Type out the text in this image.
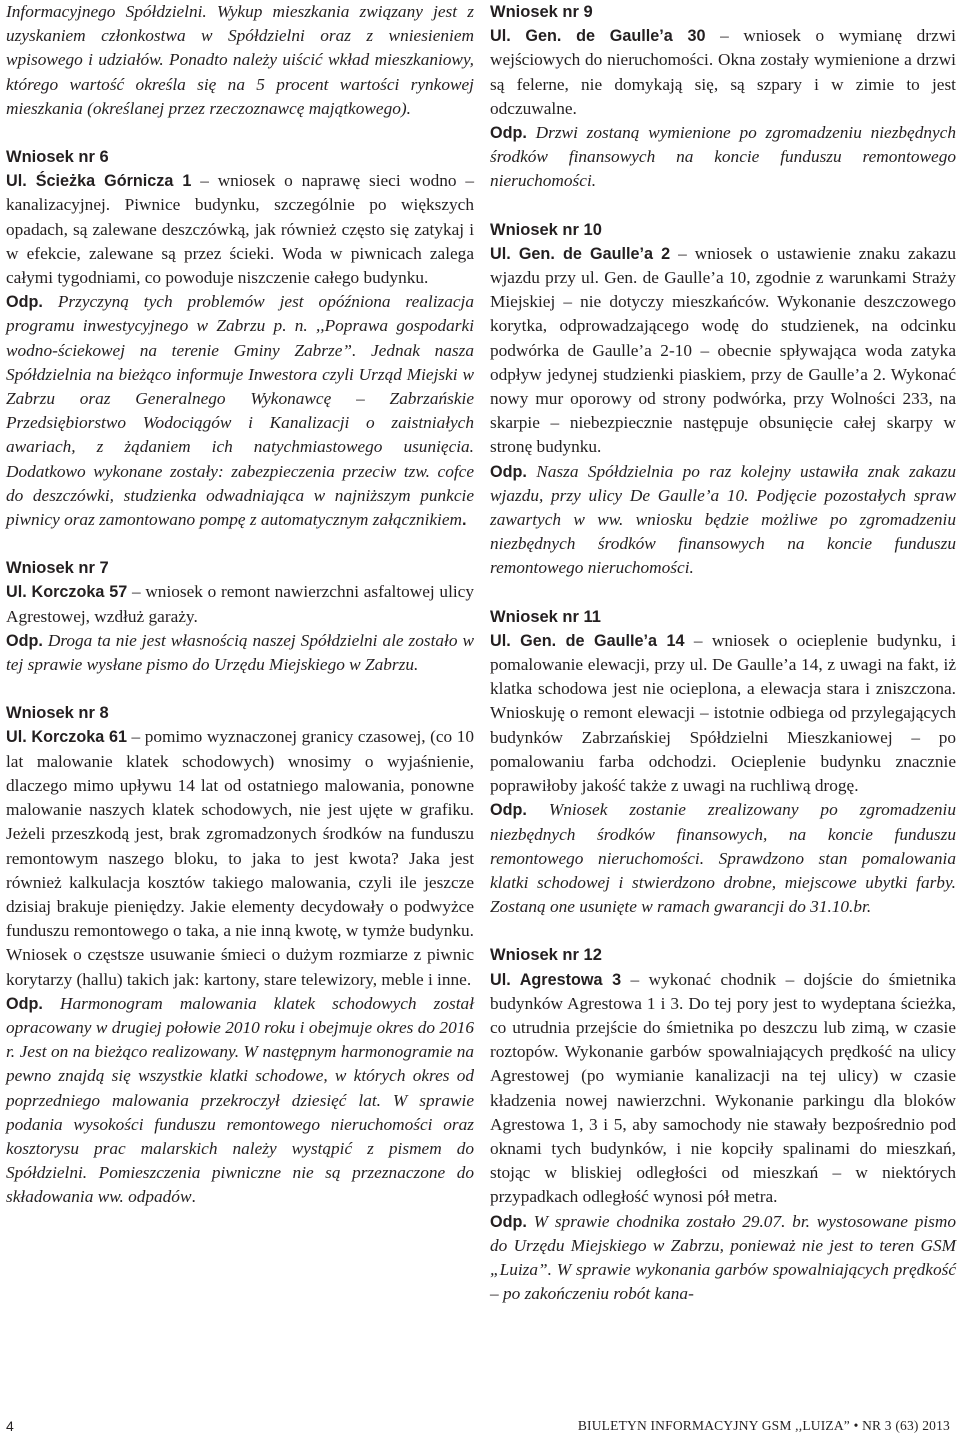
Informacyjnego Spółdzielni. Wykup mieszkania związany jest z uzyskaniem członkostwa w Spółdzielni oraz z wniesieniem wpisowego i udziałów. Ponadto należy uiścić wkład mieszkaniowy, którego wartość określa się na 5 procent wartości rynkowej mieszkania (określanej przez rzeczoznawcę majątkowego).

Wniosek nr 6

Ul. Ścieżka Górnicza 1 – wniosek o naprawę sieci wodno – kanalizacyjnej. Piwnice budynku, szczególnie po większych opadach, są zalewane deszczówką, jak również często się zatykaj i w efekcie, zalewane są przez ścieki. Woda w piwnicach zalega całymi tygodniami, co powoduje niszczenie całego budynku.

Odp. Przyczyną tych problemów jest opóźniona realizacja programu inwestycyjnego w Zabrzu p. n. ,,Poprawa gospodarki wodno-ściekowej na terenie Gminy Zabrze”. Jednak nasza Spółdzielnia na bieżąco informuje Inwestora czyli Urząd Miejski w Zabrzu oraz Generalnego Wykonawcę – Zabrzańskie Przedsiębiorstwo Wodociągów i Kanalizacji o zaistniałych awariach, z żądaniem ich natychmiastowego usunięcia. Dodatkowo wykonane zostały: zabezpieczenia przeciw tzw. cofce do deszczówki, studzienka odwadniająca w najniższym punkcie piwnicy oraz zamontowano pompę z automatycznym załącznikiem.

Wniosek nr 7

Ul. Korczoka 57 – wniosek o remont nawierzchni asfaltowej ulicy Agrestowej, wzdłuż garaży.

Odp. Droga ta nie jest własnością naszej Spółdzielni ale zostało w tej sprawie wysłane pismo do Urzędu Miejskiego w Zabrzu.

Wniosek nr 8

Ul. Korczoka 61 – pomimo wyznaczonej granicy czasowej, (co 10 lat malowanie klatek schodowych) wnosimy o wyjaśnienie, dlaczego mimo upływu 14 lat od ostatniego malowania, ponowne malowanie naszych klatek schodowych, nie jest ujęte w grafiku. Jeżeli przeszkodą jest, brak zgromadzonych środków na funduszu remontowym naszego bloku, to jaka to jest kwota? Jaka jest również kalkulacja kosztów takiego malowania, czyli ile jeszcze dzisiaj brakuje pieniędzy. Jakie elementy decydowały o podwyżce funduszu remontowego o taka, a nie inną kwotę, w tymże budynku. Wniosek o częstsze usuwanie śmieci o dużym rozmiarze z piwnic korytarzy (hallu) takich jak: kartony, stare telewizory, meble i inne.

Odp. Harmonogram malowania klatek schodowych został opracowany w drugiej połowie 2010 roku i obejmuje okres do 2016 r. Jest on na bieżąco realizowany. W następnym harmonogramie na pewno znajdą się wszystkie klatki schodowe, w których okres od poprzedniego malowania przekroczył dziesięć lat. W sprawie podania wysokości funduszu remontowego nieruchomości oraz kosztorysu prac malarskich należy wystąpić z pismem do Spółdzielni. Pomieszczenia piwniczne nie są przeznaczone do składowania ww. odpadów.

Wniosek nr 9

Ul. Gen. de Gaulle’a 30 – wniosek o wymianę drzwi wejściowych do nieruchomości. Okna zostały wymienione a drzwi są felerne, nie domykają się, są szpary i w zimie to jest odczuwalne.

Odp. Drzwi zostaną wymienione po zgromadzeniu niezbędnych środków finansowych na koncie funduszu remontowego nieruchomości.

Wniosek nr 10

Ul. Gen. de Gaulle’a 2 – wniosek o ustawienie znaku zakazu wjazdu przy ul. Gen. de Gaulle’a 10, zgodnie z warunkami Straży Miejskiej – nie dotyczy mieszkańców. Wykonanie deszczowego korytka, odprowadzającego wodę do studzienek, na odcinku podwórka de Gaulle’a 2-10 – obecnie spływająca woda zatyka odpływ jedynej studzienki piaskiem, przy de Gaulle’a 2. Wykonać nowy mur oporowy od strony podwórka, przy Wolności 233, na skarpie – niebezpiecznie następuje obsunięcie całej skarpy w stronę budynku.

Odp. Nasza Spółdzielnia po raz kolejny ustawiła znak zakazu wjazdu, przy ulicy De Gaulle’a 10. Podjęcie pozostałych spraw zawartych w ww. wniosku będzie możliwe po zgromadzeniu niezbędnych środków finansowych na koncie funduszu remontowego nieruchomości.

Wniosek nr 11

Ul. Gen. de GaulIe’a 14 – wniosek o ocieplenie budynku, i pomalowanie elewacji, przy ul. De Gaulle’a 14, z uwagi na fakt, iż klatka schodowa jest nie ocieplona, a elewacja stara i zniszczona. Wnioskuję o remont elewacji – istotnie odbiega od przylegających budynków Zabrzańskiej Spółdzielni Mieszkaniowej – po pomalowaniu farba odchodzi. Ocieplenie budynku znacznie poprawiłoby jakość także z uwagi na ruchliwą drogę.

Odp. Wniosek zostanie zrealizowany po zgromadzeniu niezbędnych środków finansowych, na koncie funduszu remontowego nieruchomości. Sprawdzono stan pomalowania klatki schodowej i stwierdzono drobne, miejscowe ubytki farby. Zostaną one usunięte w ramach gwarancji do 31.10.br.

Wniosek nr 12

Ul. Agrestowa 3 – wykonać chodnik – dojście do śmietnika budynków Agrestowa 1 i 3. Do tej pory jest to wydeptana ścieżka, co utrudnia przejście do śmietnika po deszczu lub zimą, w czasie roztopów. Wykonanie garbów spowalniających prędkość na ulicy Agrestowej (po wymianie kanalizacji na tej ulicy) w czasie kładzenia nowej nawierzchni. Wykonanie parkingu dla bloków Agrestowa 1, 3 i 5, aby samochody nie stawały bezpośrednio pod oknami tych budynków, i nie kopciły spalinami do mieszkań, stojąc w bliskiej odległości od mieszkań – w niektórych przypadkach odległość wynosi pół metra.

Odp. W sprawie chodnika zostało 29.07. br. wystosowane pismo do Urzędu Miejskiego w Zabrzu, ponieważ nie jest to teren GSM „Luiza”. W sprawie wykonania garbów spowalniających prędkość – po zakończeniu robót kana-

4	BIULETYN INFORMACYJNY GSM ,,LUIZA” • NR 3 (63) 2013
